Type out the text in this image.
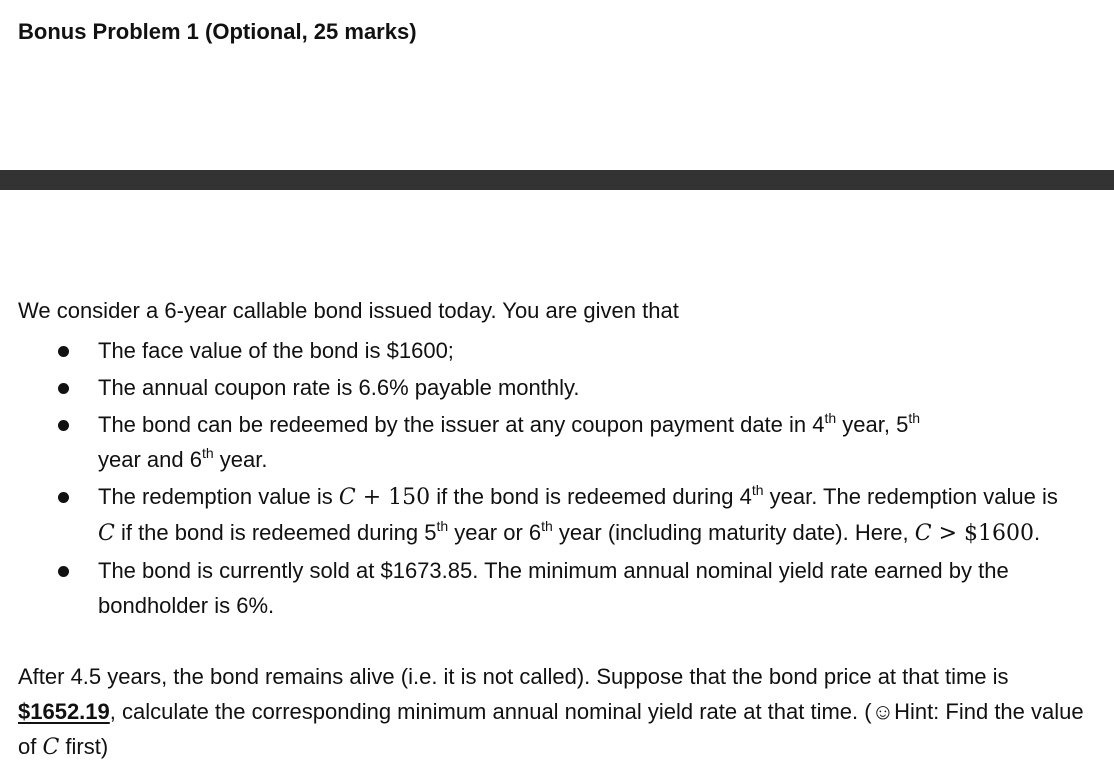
Bonus Problem 1 (Optional, 25 marks)
We consider a 6-year callable bond issued today. You are given that
The face value of the bond is $1600;
The annual coupon rate is 6.6% payable monthly.
The bond can be redeemed by the issuer at any coupon payment date in 4th year, 5th
year and 6th year.
The redemption value is C + 150 if the bond is redeemed during 4th year. The redemption value is C if the bond is redeemed during 5th year or 6th year (including maturity date). Here, C > $1600.
The bond is currently sold at $1673.85. The minimum annual nominal yield rate earned by the bondholder is 6%.

After 4.5 years, the bond remains alive (i.e. it is not called). Suppose that the bond price at that time is $1652.19, calculate the corresponding minimum annual nominal yield rate at that time. (☺Hint: Find the value of C first)
